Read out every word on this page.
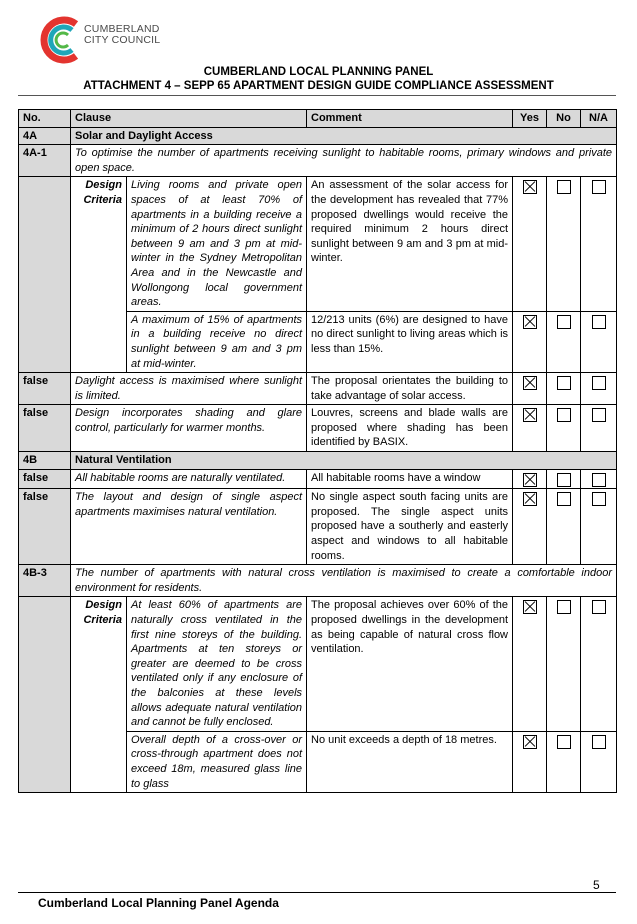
CUMBERLAND
CITY COUNCIL
CUMBERLAND LOCAL PLANNING PANEL
ATTACHMENT 4 – SEPP 65 APARTMENT DESIGN GUIDE COMPLIANCE ASSESSMENT
No.	Clause		Comment	Yes	No	N/A
4A	Solar and Daylight Access					
4A-1	To optimise the number of apartments receiving sunlight to habitable rooms, primary windows and private open space.					
	Design Criteria	Living rooms and private open spaces of at least 70% of apartments in a building receive a minimum of 2 hours direct sunlight between 9 am and 3 pm at mid-winter in the Sydney Metropolitan Area and in the Newcastle and Wollongong local government areas.	An assessment of the solar access for the development has revealed that 77% proposed dwellings would receive the required minimum 2 hours direct sunlight between 9 am and 3 pm at mid-winter.			
		A maximum of 15% of apartments in a building receive no direct sunlight between 9 am and 3 pm at mid-winter.	12/213 units (6%) are designed to have no direct sunlight to living areas which is less than 15%.			
false	Daylight access is maximised where sunlight is limited.		The proposal orientates the building to take advantage of solar access.			
false	Design incorporates shading and glare control, particularly for warmer months.		Louvres, screens and blade walls are proposed where shading has been identified by BASIX.			
4B	Natural Ventilation					
false	All habitable rooms are naturally ventilated.		All habitable rooms have a window			
false	The layout and design of single aspect apartments maximises natural ventilation.		No single aspect south facing units are proposed. The single aspect units proposed have a southerly and easterly aspect and windows to all habitable rooms.			
4B-3	The number of apartments with natural cross ventilation is maximised to create a comfortable indoor environment for residents.					
	Design Criteria	At least 60% of apartments are naturally cross ventilated in the first nine storeys of the building. Apartments at ten storeys or greater are deemed to be cross ventilated only if any enclosure of the balconies at these levels allows adequate natural ventilation and cannot be fully enclosed.	The proposal achieves over 60% of the proposed dwellings in the development as being capable of natural cross flow ventilation.			
		Overall depth of a cross-over or cross-through apartment does not exceed 18m, measured glass line to glass	No unit exceeds a depth of 18 metres.			
5
Cumberland Local Planning Panel Agenda
